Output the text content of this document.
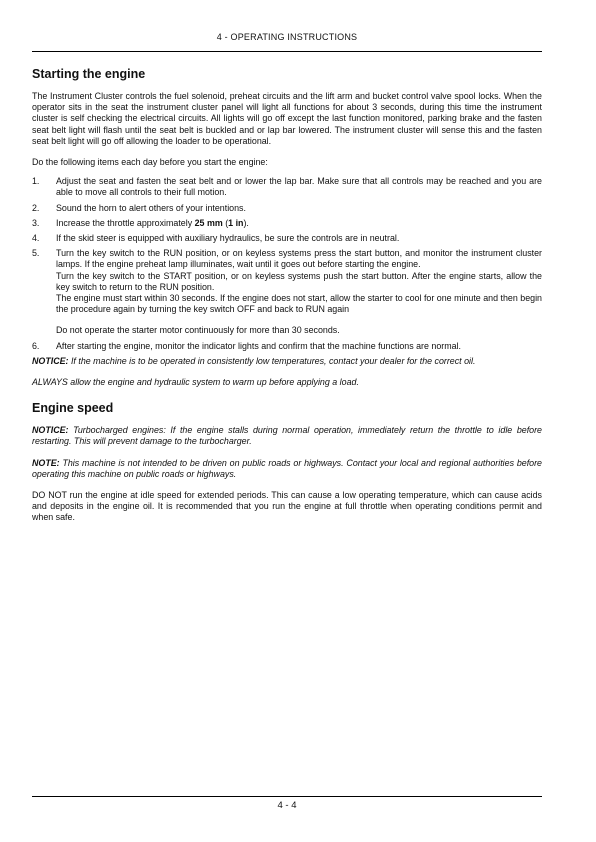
4 - OPERATING INSTRUCTIONS
Starting the engine

The Instrument Cluster controls the fuel solenoid, preheat circuits and the lift arm and bucket control valve spool locks. When the operator sits in the seat the instrument cluster panel will light all functions for about 3 seconds, during this time the instrument cluster is self checking the electrical circuits. All lights will go off except the last function monitored, parking brake and the fasten seat belt light will flash until the seat belt is buckled and or lap bar lowered. The instrument cluster will sense this and the fasten seat belt light will go off allowing the loader to be operational.

Do the following items each day before you start the engine:

1. Adjust the seat and fasten the seat belt and or lower the lap bar. Make sure that all controls may be reached and you are able to move all controls to their full motion.
2. Sound the horn to alert others of your intentions.
3. Increase the throttle approximately 25 mm (1 in).
4. If the skid steer is equipped with auxiliary hydraulics, be sure the controls are in neutral.
5. Turn the key switch to the RUN position, or on keyless systems press the start button, and monitor the instrument cluster lamps. If the engine preheat lamp illuminates, wait until it goes out before starting the engine.
Turn the key switch to the START position, or on keyless systems push the start button. After the engine starts, allow the key switch to return to the RUN position.
The engine must start within 30 seconds. If the engine does not start, allow the starter to cool for one minute and then begin the procedure again by turning the key switch OFF and back to RUN again
Do not operate the starter motor continuously for more than 30 seconds.
6. After starting the engine, monitor the indicator lights and confirm that the machine functions are normal.

NOTICE: If the machine is to be operated in consistently low temperatures, contact your dealer for the correct oil.

ALWAYS allow the engine and hydraulic system to warm up before applying a load.

Engine speed

NOTICE: Turbocharged engines: If the engine stalls during normal operation, immediately return the throttle to idle before restarting. This will prevent damage to the turbocharger.

NOTE: This machine is not intended to be driven on public roads or highways. Contact your local and regional authorities before operating this machine on public roads or highways.

DO NOT run the engine at idle speed for extended periods. This can cause a low operating temperature, which can cause acids and deposits in the engine oil. It is recommended that you run the engine at full throttle when operating conditions permit and when safe.

4 - 4
